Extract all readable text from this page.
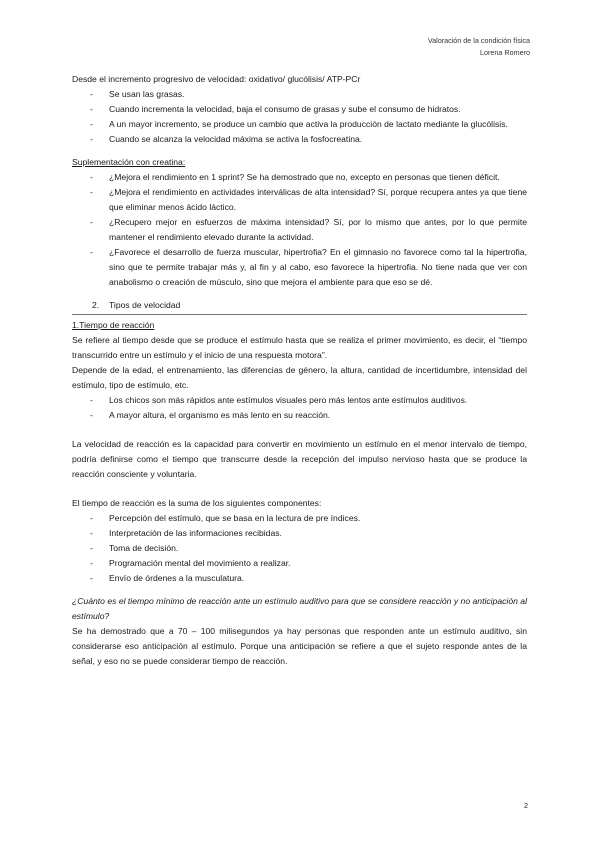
Valoración de la condición física
Lorena Romero

Desde el incremento progresivo de velocidad: oxidativo/ glucólisis/ ATP-PCr

- Se usan las grasas.
- Cuando incrementa la velocidad, baja el consumo de grasas y sube el consumo de hidratos.
- A un mayor incremento, se produce un cambio que activa la producción de lactato mediante la glucólisis.
- Cuando se alcanza la velocidad máxima se activa la fosfocreatina.

Suplementación con creatina:

- ¿Mejora el rendimiento en 1 sprint? Se ha demostrado que no, excepto en personas que tienen déficit.
- ¿Mejora el rendimiento en actividades interválicas de alta intensidad? Sí, porque recupera antes ya que tiene que eliminar menos ácido láctico.
- ¿Recupero mejor en esfuerzos de máxima intensidad? Sí, por lo mismo que antes, por lo que permite mantener el rendimiento elevado durante la actividad.
- ¿Favorece el desarrollo de fuerza muscular, hipertrofia? En el gimnasio no favorece como tal la hipertrofia, sino que te permite trabajar más y, al fin y al cabo, eso favorece la hipertrofia. No tiene nada que ver con anabolismo o creación de músculo, sino que mejora el ambiente para que eso se dé.
2.	Tipos de velocidad

1.Tiempo de reacción

Se refiere al tiempo desde que se produce el estímulo hasta que se realiza el primer movimiento, es decir, el “tiempo transcurrido entre un estímulo y el inicio de una respuesta motora”.

Depende de la edad, el entrenamiento, las diferencias de género, la altura, cantidad de incertidumbre, intensidad del estímulo, tipo de estímulo, etc.

- Los chicos son más rápidos ante estímulos visuales pero más lentos ante estímulos auditivos.
- A mayor altura, el organismo es más lento en su reacción.

La velocidad de reacción es la capacidad para convertir en movimiento un estímulo en el menor intervalo de tiempo, podría definirse como el tiempo que transcurre desde la recepción del impulso nervioso hasta que se produce la reacción consciente y voluntaria.

El tiempo de reacción es la suma de los siguientes componentes:

- Percepción del estímulo, que se basa en la lectura de pre índices.
- Interpretación de las informaciones recibidas.
- Toma de decisión.
- Programación mental del movimiento a realizar.
- Envío de órdenes a la musculatura.

¿Cuánto es el tiempo mínimo de reacción ante un estímulo auditivo para que se considere reacción y no anticipación al estímulo?

Se ha demostrado que a 70 – 100 milisegundos ya hay personas que responden ante un estímulo auditivo, sin considerarse eso anticipación al estímulo. Porque una anticipación se refiere a que el sujeto responde antes de la señal, y eso no se puede considerar tiempo de reacción.

2
